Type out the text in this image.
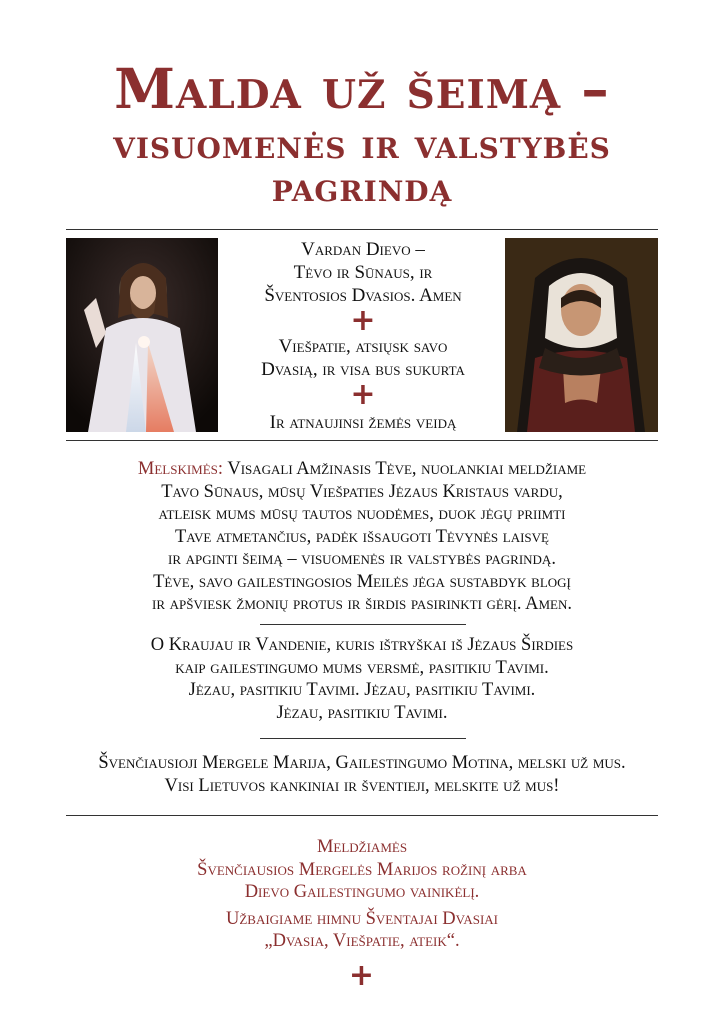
Malda už šeimą –
visuomenės ir valstybės
pagrindą
Vardan Dievo –
Tėvo ir Sūnaus, ir
Šventosios Dvasios. Amen
+
Viešpatie, atsiųsk savo
Dvasią, ir visa bus sukurta
+
Ir atnaujinsi žemės veidą
Melskimės: Visagali Amžinasis Tėve, nuolankiai meldžiame
Tavo Sūnaus, mūsų Viešpaties Jėzaus Kristaus vardu,
atleisk mums mūsų tautos nuodėmes, duok jėgų priimti
Tave atmetančius, padėk išsaugoti Tėvynės laisvę
ir apginti šeimą – visuomenės ir valstybės pagrindą.
Tėve, savo gailestingosios Meilės jėga sustabdyk blogį
ir apšviesk žmonių protus ir širdis pasirinkti gėrį. Amen.
O Kraujau ir Vandenie, kuris ištryškai iš Jėzaus Širdies
kaip gailestingumo mums versmė, pasitikiu Tavimi.
Jėzau, pasitikiu Tavimi. Jėzau, pasitikiu Tavimi.
Jėzau, pasitikiu Tavimi.
Švenčiausioji Mergele Marija, Gailestingumo Motina, melski už mus.
Visi Lietuvos kankiniai ir šventieji, melskite už mus!
Meldžiamės
Švenčiausios Mergelės Marijos rožinį arba
Dievo Gailestingumo vainikėlį.
Užbaigiame himnu Šventajai Dvasiai
„Dvasia, Viešpatie, ateik“.
+
